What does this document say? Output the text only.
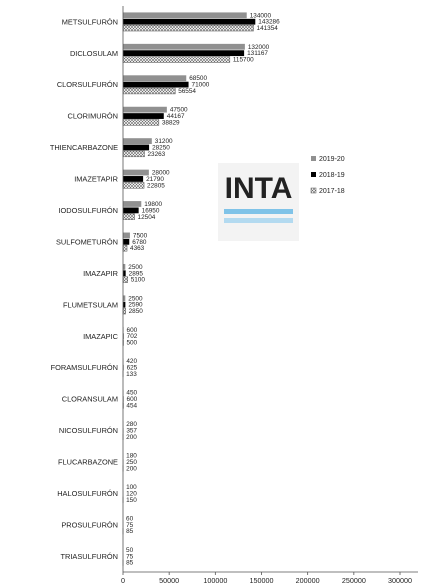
METSULFURÓN
134000
143286
141354
DICLOSULAM
132000
131167
115700
CLORSULFURÓN
68500
71000
56554
CLORIMURÓN
47500
44167
38829
THIENCARBAZONE
31200
28250
23263
IMAZETAPIR
28000
21790
22805
IODOSULFURÓN
19800
16950
12504
SULFOMETURÓN
7500
6780
4363
IMAZAPIR
2500
2895
5100
FLUMETSULAM
2500
2590
2850
IMAZAPIC
600
702
500
FORAMSULFURÓN
420
625
133
CLORANSULAM
450
600
454
NICOSULFURÓN
280
357
200
FLUCARBAZONE
180
250
200
HALOSULFURÓN
100
120
150
PROSULFURÓN
60
75
85
TRIASULFURÓN
50
75
85
0	50000	100000	150000	200000	250000	300000
INTA
2019-20
2018-19
2017-18
